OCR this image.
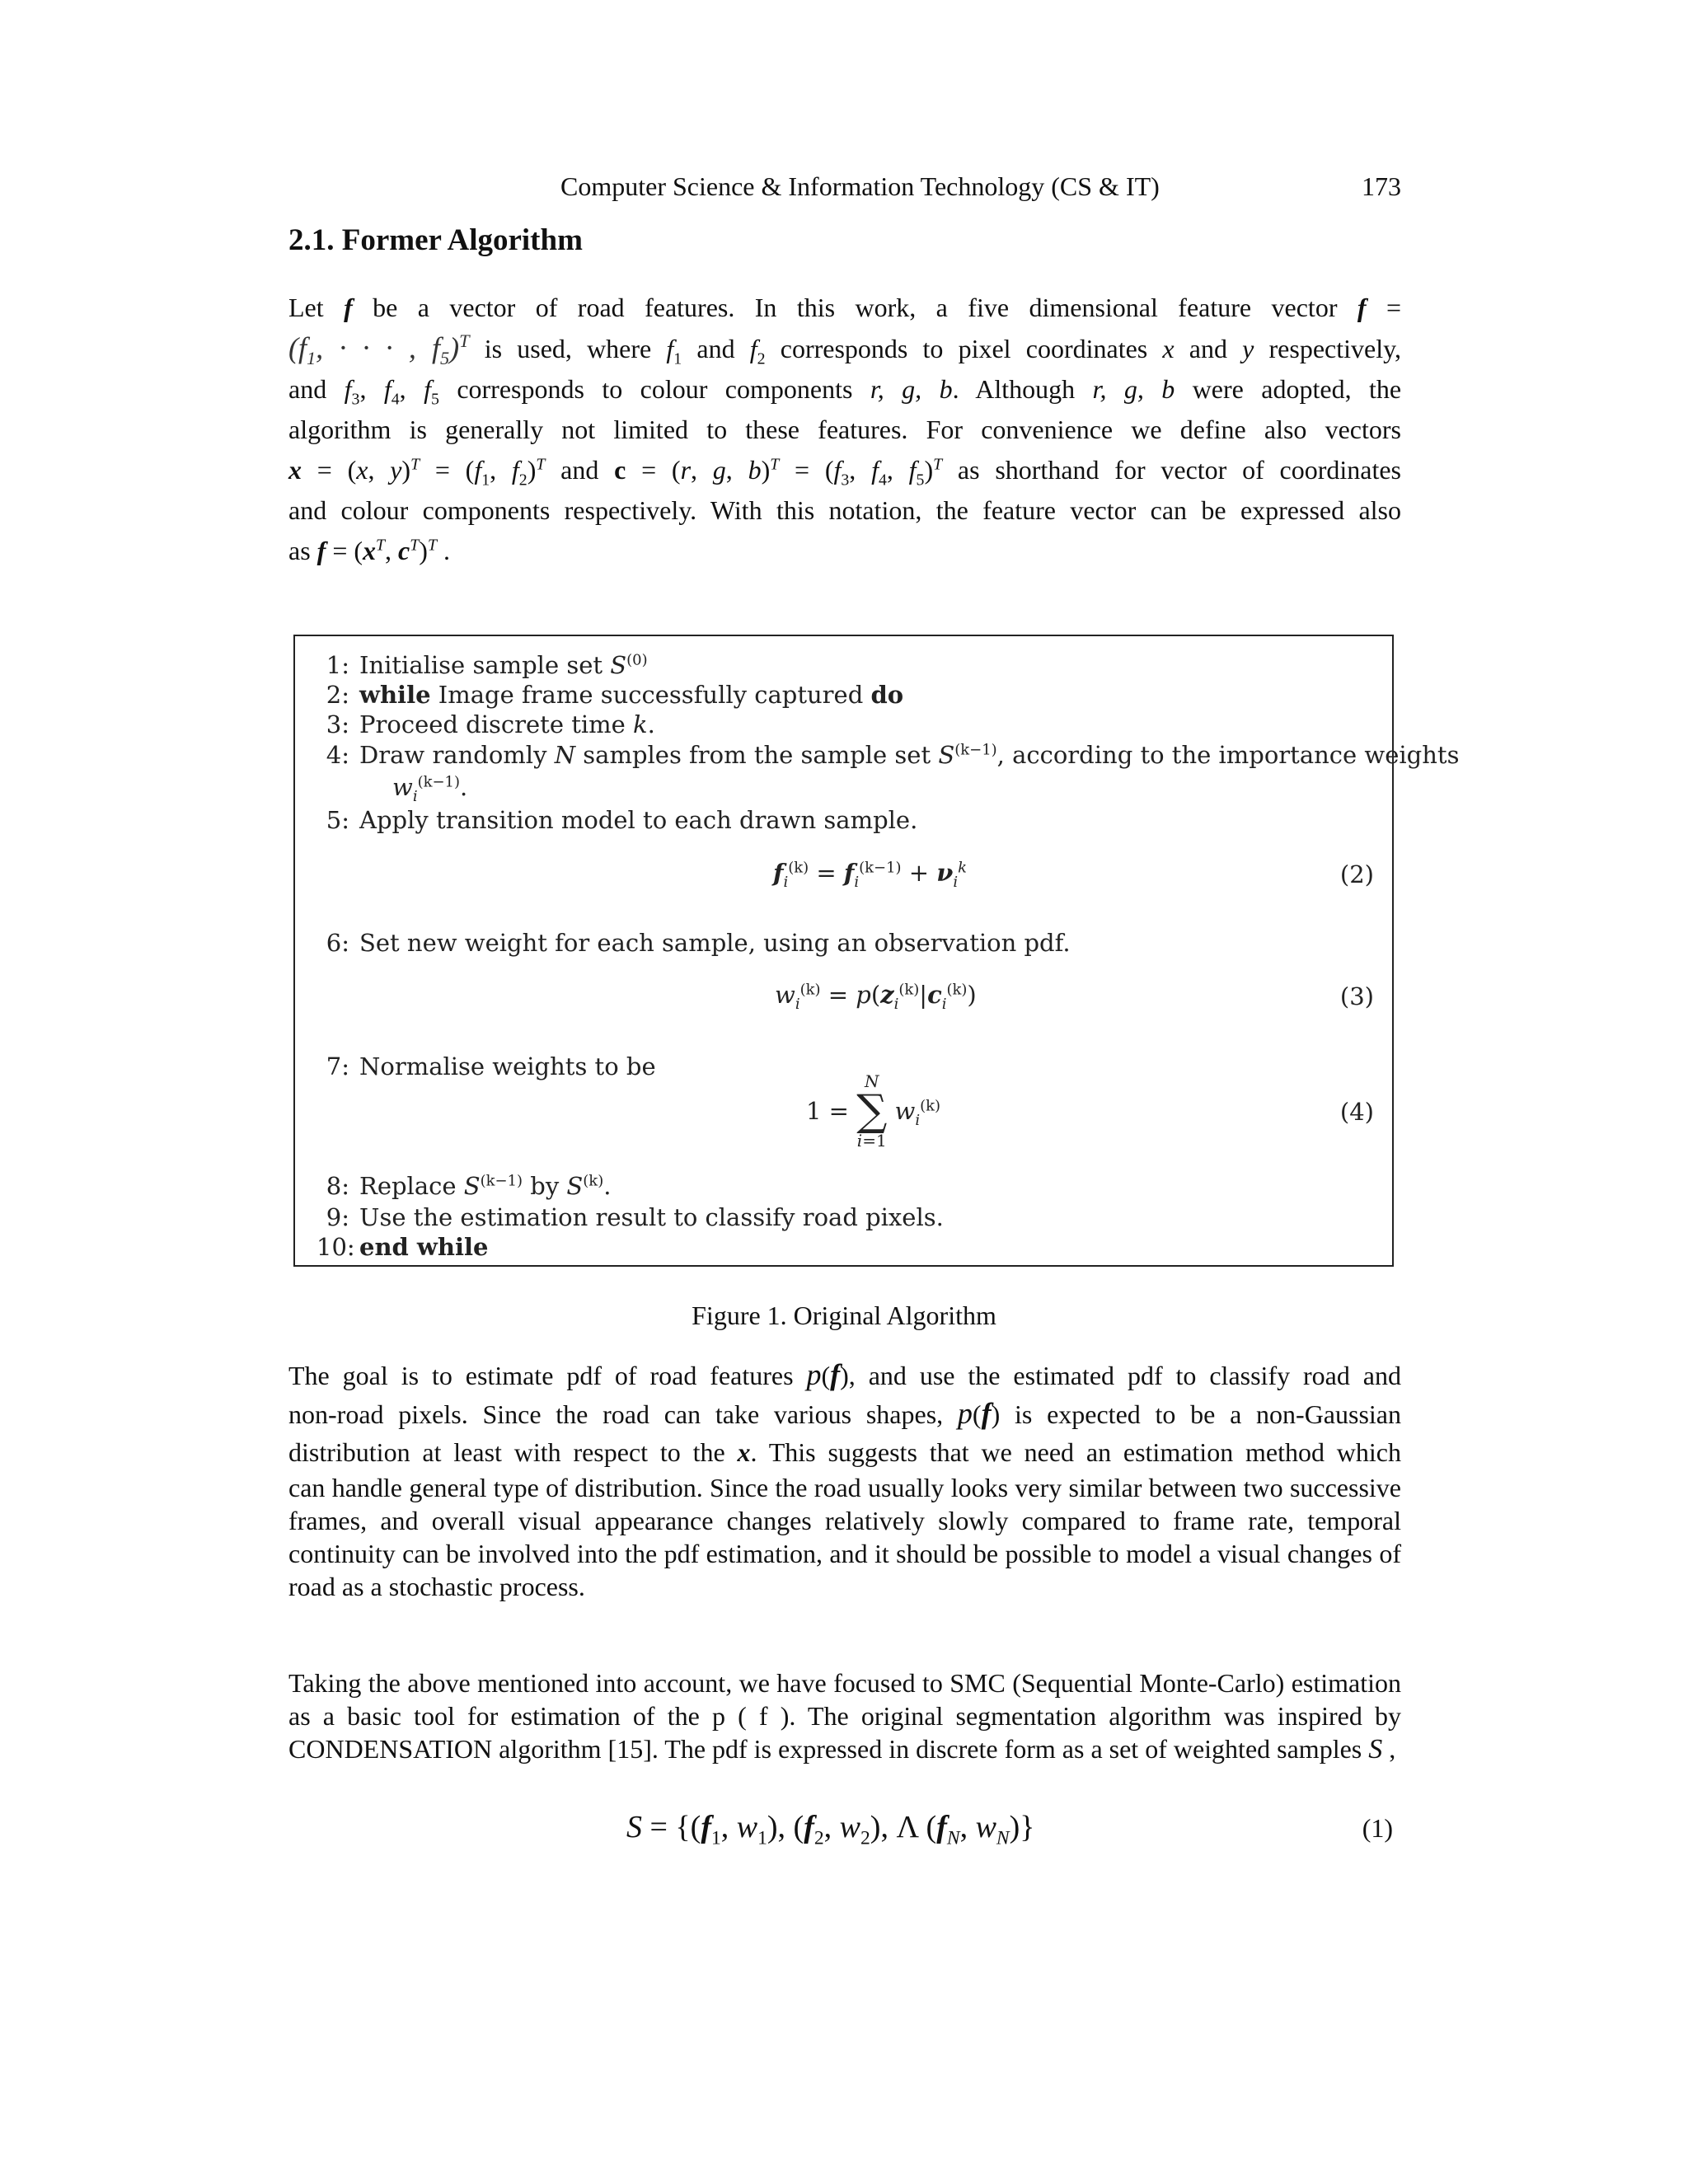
Computer Science & Information Technology (CS & IT)	173
2.1. Former Algorithm

Let f be a vector of road features. In this work, a five dimensional feature vector f =

($f_1$, · · · , $f_5)^T$ is used, where $f_1$ and $f_2$ corresponds to pixel coordinates x and y respectively,

and $f_3$, $f_4$, $f_5$ corresponds to colour components r, g, b. Although r, g, b were adopted, the

algorithm is generally not limited to these features. For convenience we define also vectors

x = (x, $y)^T = (f_1$, $f_2)^T$ and c = (r, g, $b)^T = (f_3$, $f_4$, $f_5)^T$ as shorthand for vector of coordinates

and colour components respectively. With this notation, the feature vector can be expressed also

as $f = (x^T$, $c^T)^T$ .

1: Initialise sample set $S^{(0)}$
2: while Image frame successfully captured do
3: Proceed discrete time k.
4: Draw randomly N samples from the sample set $S^{(k-1)}$, according to the importance weights
$w_i^{(k-1)}$.
5: Apply transition model to each drawn sample.
$f_i^{(k)} = f_i^{(k-1)} + \nu_i^k$	(2)
6: Set new weight for each sample, using an observation pdf.
$w_i^{(k)} = p(z_i^{(k)}|c_i^{(k)})$	(3)
7: Normalise weights to be
1 =
N
∑
i=1
$w_i^{(k)}$	(4)
8: Replace $S^{(k-1)}$ by $S^{(k)}$.
9: Use the estimation result to classify road pixels.
10: end while
Figure 1. Original Algorithm

The goal is to estimate pdf of road features p(f), and use the estimated pdf to classify road and

non-road pixels. Since the road can take various shapes, p(f) is expected to be a non-Gaussian

distribution at least with respect to the x. This suggests that we need an estimation method which

can handle general type of distribution. Since the road usually looks very similar between two successive frames, and overall visual appearance changes relatively slowly compared to frame rate, temporal continuity can be involved into the pdf estimation, and it should be possible to model a visual changes of road as a stochastic process.

Taking the above mentioned into account, we have focused to SMC (Sequential Monte-Carlo) estimation as a basic tool for estimation of the p ( f ). The original segmentation algorithm was inspired by CONDENSATION algorithm [15]. The pdf is expressed in discrete form as a set of weighted samples S ,

$S = \{(f_1$, $w_1$), ($f_2$, $w_2$), Λ ($f_N$, $w_N$)}	(1)
